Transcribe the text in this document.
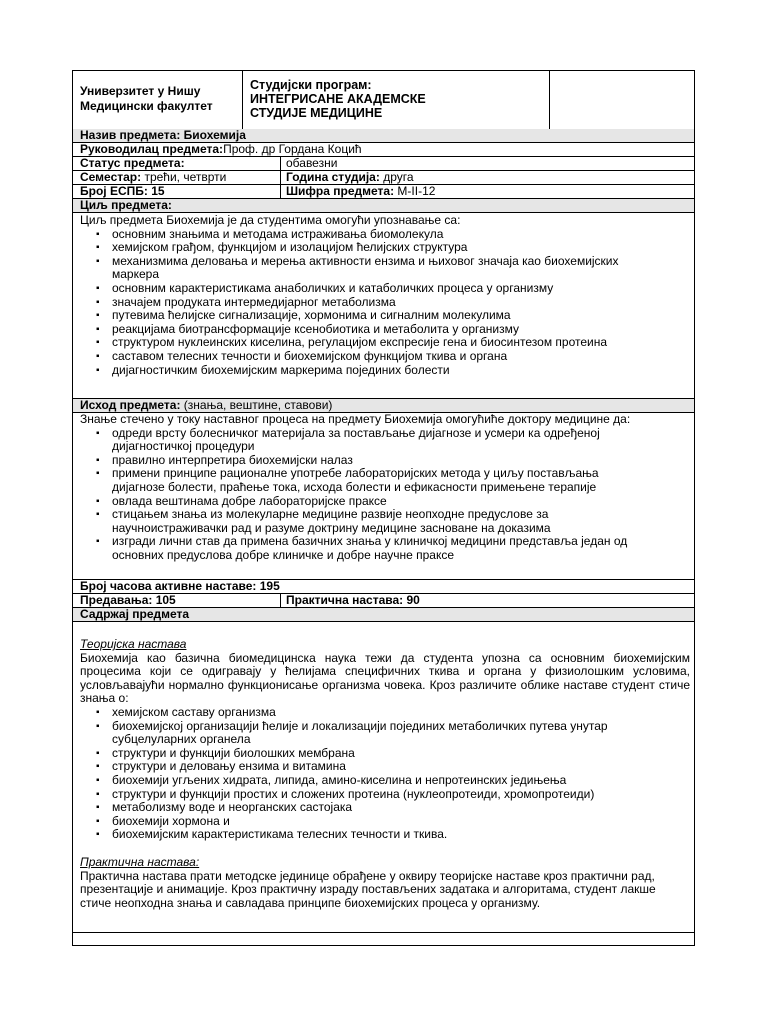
Универзитет у Нишу
Медицински факултет
Студијски програм:
ИНТЕГРИСАНЕ АКАДЕМСКЕ
СТУДИЈЕ МЕДИЦИНЕ
Назив предмета: Биохемија
Руководилац предмета:Проф. др Гордана Коцић
Статус предмета:	обавезни
Семестар: трећи, четврти	Година студија: друга
Број ЕСПБ: 15	Шифра предмета: М-II-12
Циљ предмета:
Циљ предмета Биохемија је да студентима омогући упознавање са:
▪ основним знањима и методама истраживања биомолекула
▪ хемијском грађом, функцијом и изолацијом ћелијских структура
▪ механизмима деловања и мерења активности ензима и њиховог значаја као биохемијских маркера
▪ основним карактеристикама анаболичких и катаболичких процеса у организму
▪ значајем продуката интермедијарног метаболизма
▪ путевима ћелијске сигнализације, хормонима и сигналним молекулима
▪ реакцијама биотрансформације ксенобиотика и метаболита у организму
▪ структуром нуклеинских киселина, регулацијом експресије гена и биосинтезом протеина
▪ саставом телесних течности и биохемијском функцијом ткива и органа
▪ дијагностичким биохемијским маркерима појединих болести
Исход предмета: (знања, вештине, ставови)
Знање стечено у току наставног процеса на предмету Биохемија омогућиће доктору медицине да:
▪ одреди врсту болесничког материјала за постављање дијагнозе и усмери ка одређеној дијагностичкој процедури
▪ правилно интерпретира биохемијски налаз
▪ примени принципе рационалне употребе лабораторијских метода у циљу постављања дијагнозе болести, праћење тока, исхода болести и ефикасности примењене терапије
▪ овлада вештинама добре лабораторијске праксе
▪ стицањем знања из молекуларне медицине развије неопходне предуслове за научноистраживачки рад и разуме доктрину медицине засноване на доказима
▪ изгради лични став да примена базичних знања у клиничкој медицини представља један од основних предуслова добре клиничке и добре научне праксе
Број часова активне наставе: 195
Предавања: 105	Практична настава: 90
Садржај предмета
Теоријска настава
Биохемија као базична биомедицинска наука тежи да студента упозна са основним биохемијским процесима који се одигравају у ћелијама специфичних ткива и органа у физиолошким условима, условљавајући нормално функционисање организма човека. Кроз различите облике наставе студент стиче знања о:
▪ хемијском саставу организма
▪ биохемијској организацији ћелије и локализацији појединих метаболичких путева унутар субцелуларних органела
▪ структури и функцији биолошких мембрана
▪ структури и деловању ензима и витамина
▪ биохемији угљених хидрата, липида, амино-киселина и непротеинских једињења
▪ структури и функцији простих и сложених протеина (нуклеопротеиди, хромопротеиди)
▪ метаболизму воде и неорганских састојака
▪ биохемији хормона и
▪ биохемијским карактеристикама телесних течности и ткива.
Практична настава:
Практична настава прати методске јединице обрађене у оквиру теоријске наставе кроз практични рад, презентације и анимације. Кроз практичну израду постављених задатака и алгоритама, студент лакше стиче неопходна знања и савладава принципе биохемијских процеса у организму.
